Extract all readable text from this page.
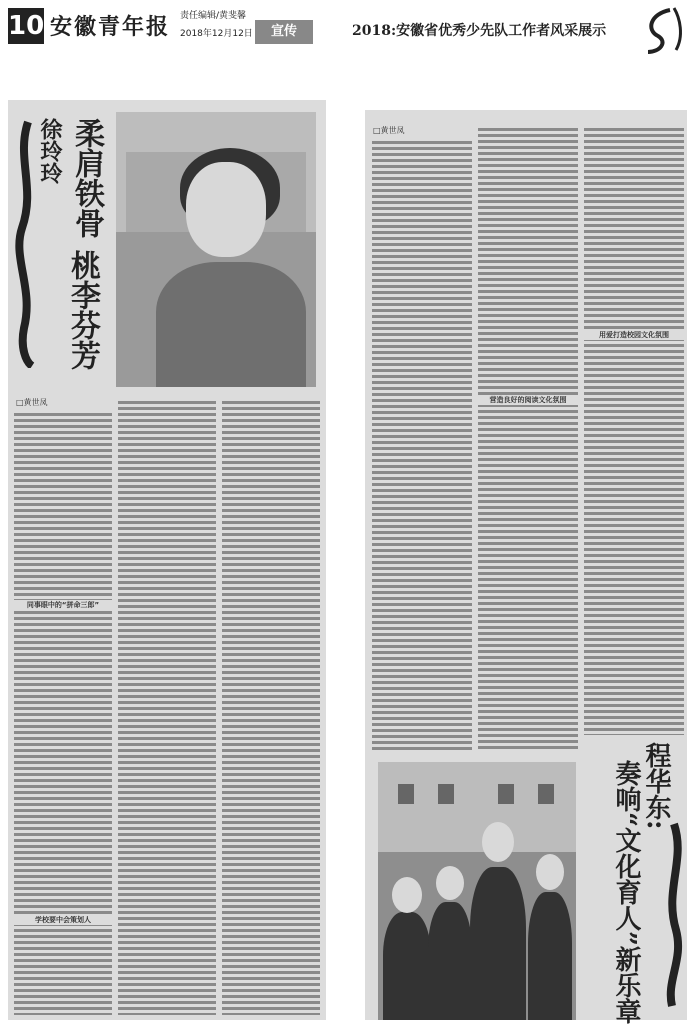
10 安徽青年报 责任编辑/黄斐馨
2018年12月12日	宣传	2018:安徽省优秀少先队工作者风采展示
徐玲玲 柔肩铁骨
桃李芬芳
□黄世凤
同事眼中的“拼命三郎”
学校要中会策划人
□黄世凤
营造良好的阅读文化氛围
用爱打造校园文化氛围
程华东:
奏响“文化育人”新乐章
